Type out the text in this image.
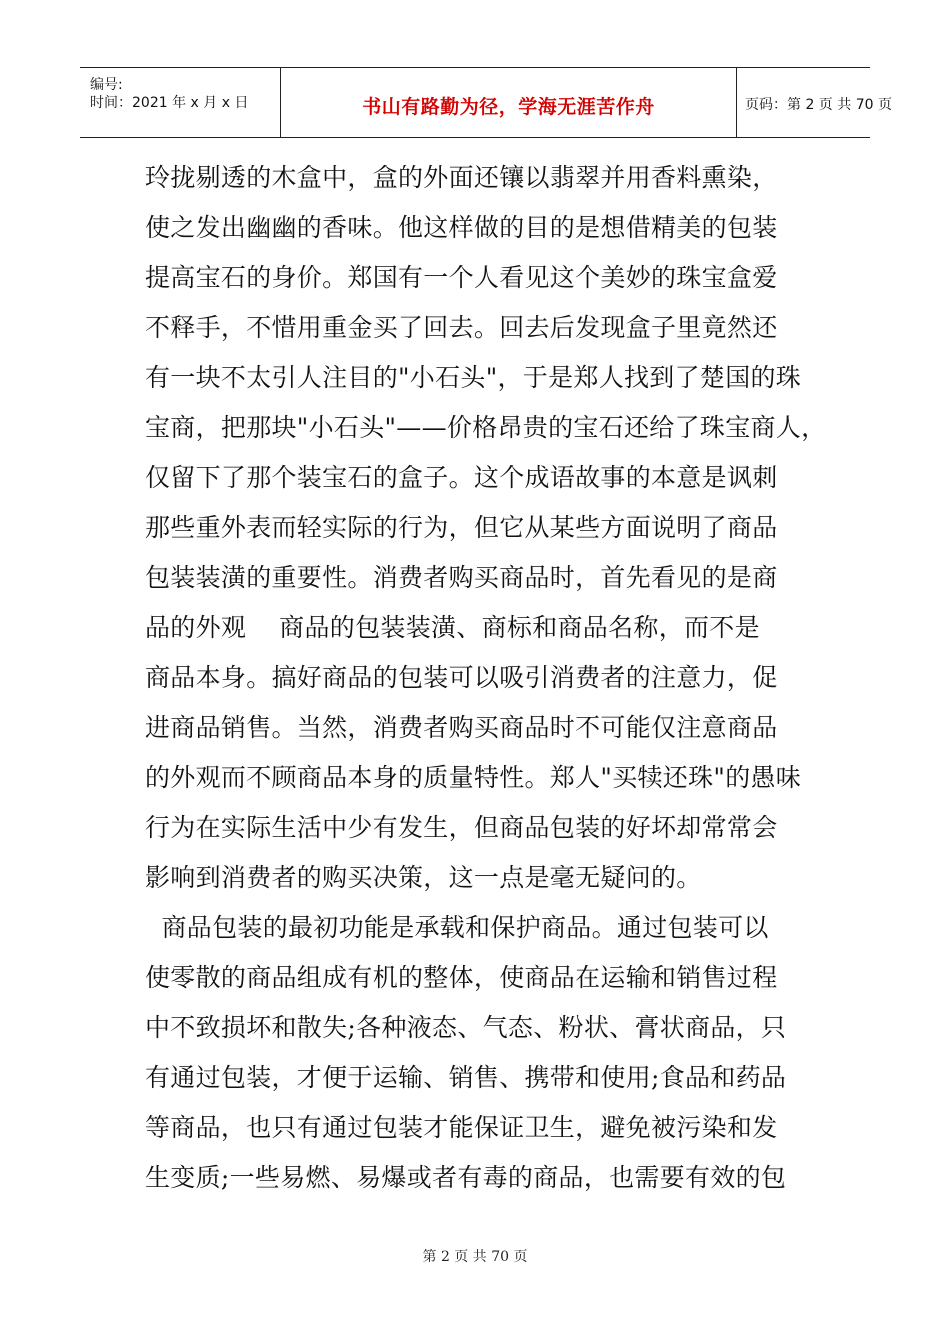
编号:
时间：2021 年 x 月 x 日	书山有路勤为径，学海无涯苦作舟	页码：第 2 页 共 70 页

玲拢剔透的木盒中，盒的外面还镶以翡翠并用香料熏染，
使之发出幽幽的香味。他这样做的目的是想借精美的包装
提高宝石的身价。郑国有一个人看见这个美妙的珠宝盒爱
不释手，不惜用重金买了回去。回去后发现盒子里竟然还
有一块不太引人注目的"小石头"，于是郑人找到了楚国的珠
宝商，把那块"小石头"——价格昂贵的宝石还给了珠宝商人，
仅留下了那个装宝石的盒子。这个成语故事的本意是讽刺
那些重外表而轻实际的行为，但它从某些方面说明了商品
包装装潢的重要性。消费者购买商品时，首先看见的是商
品的外观    商品的包装装潢、商标和商品名称，而不是
商品本身。搞好商品的包装可以吸引消费者的注意力，促
进商品销售。当然，消费者购买商品时不可能仅注意商品
的外观而不顾商品本身的质量特性。郑人"买犊还珠"的愚味
行为在实际生活中少有发生，但商品包装的好坏却常常会
影响到消费者的购买决策，这一点是毫无疑问的。

商品包装的最初功能是承载和保护商品。通过包装可以
使零散的商品组成有机的整体，使商品在运输和销售过程
中不致损坏和散失;各种液态、气态、粉状、膏状商品，只
有通过包装，才便于运输、销售、携带和使用;食品和药品
等商品，也只有通过包装才能保证卫生，避免被污染和发
生变质;一些易燃、易爆或者有毒的商品，也需要有效的包

第 2 页 共 70 页
